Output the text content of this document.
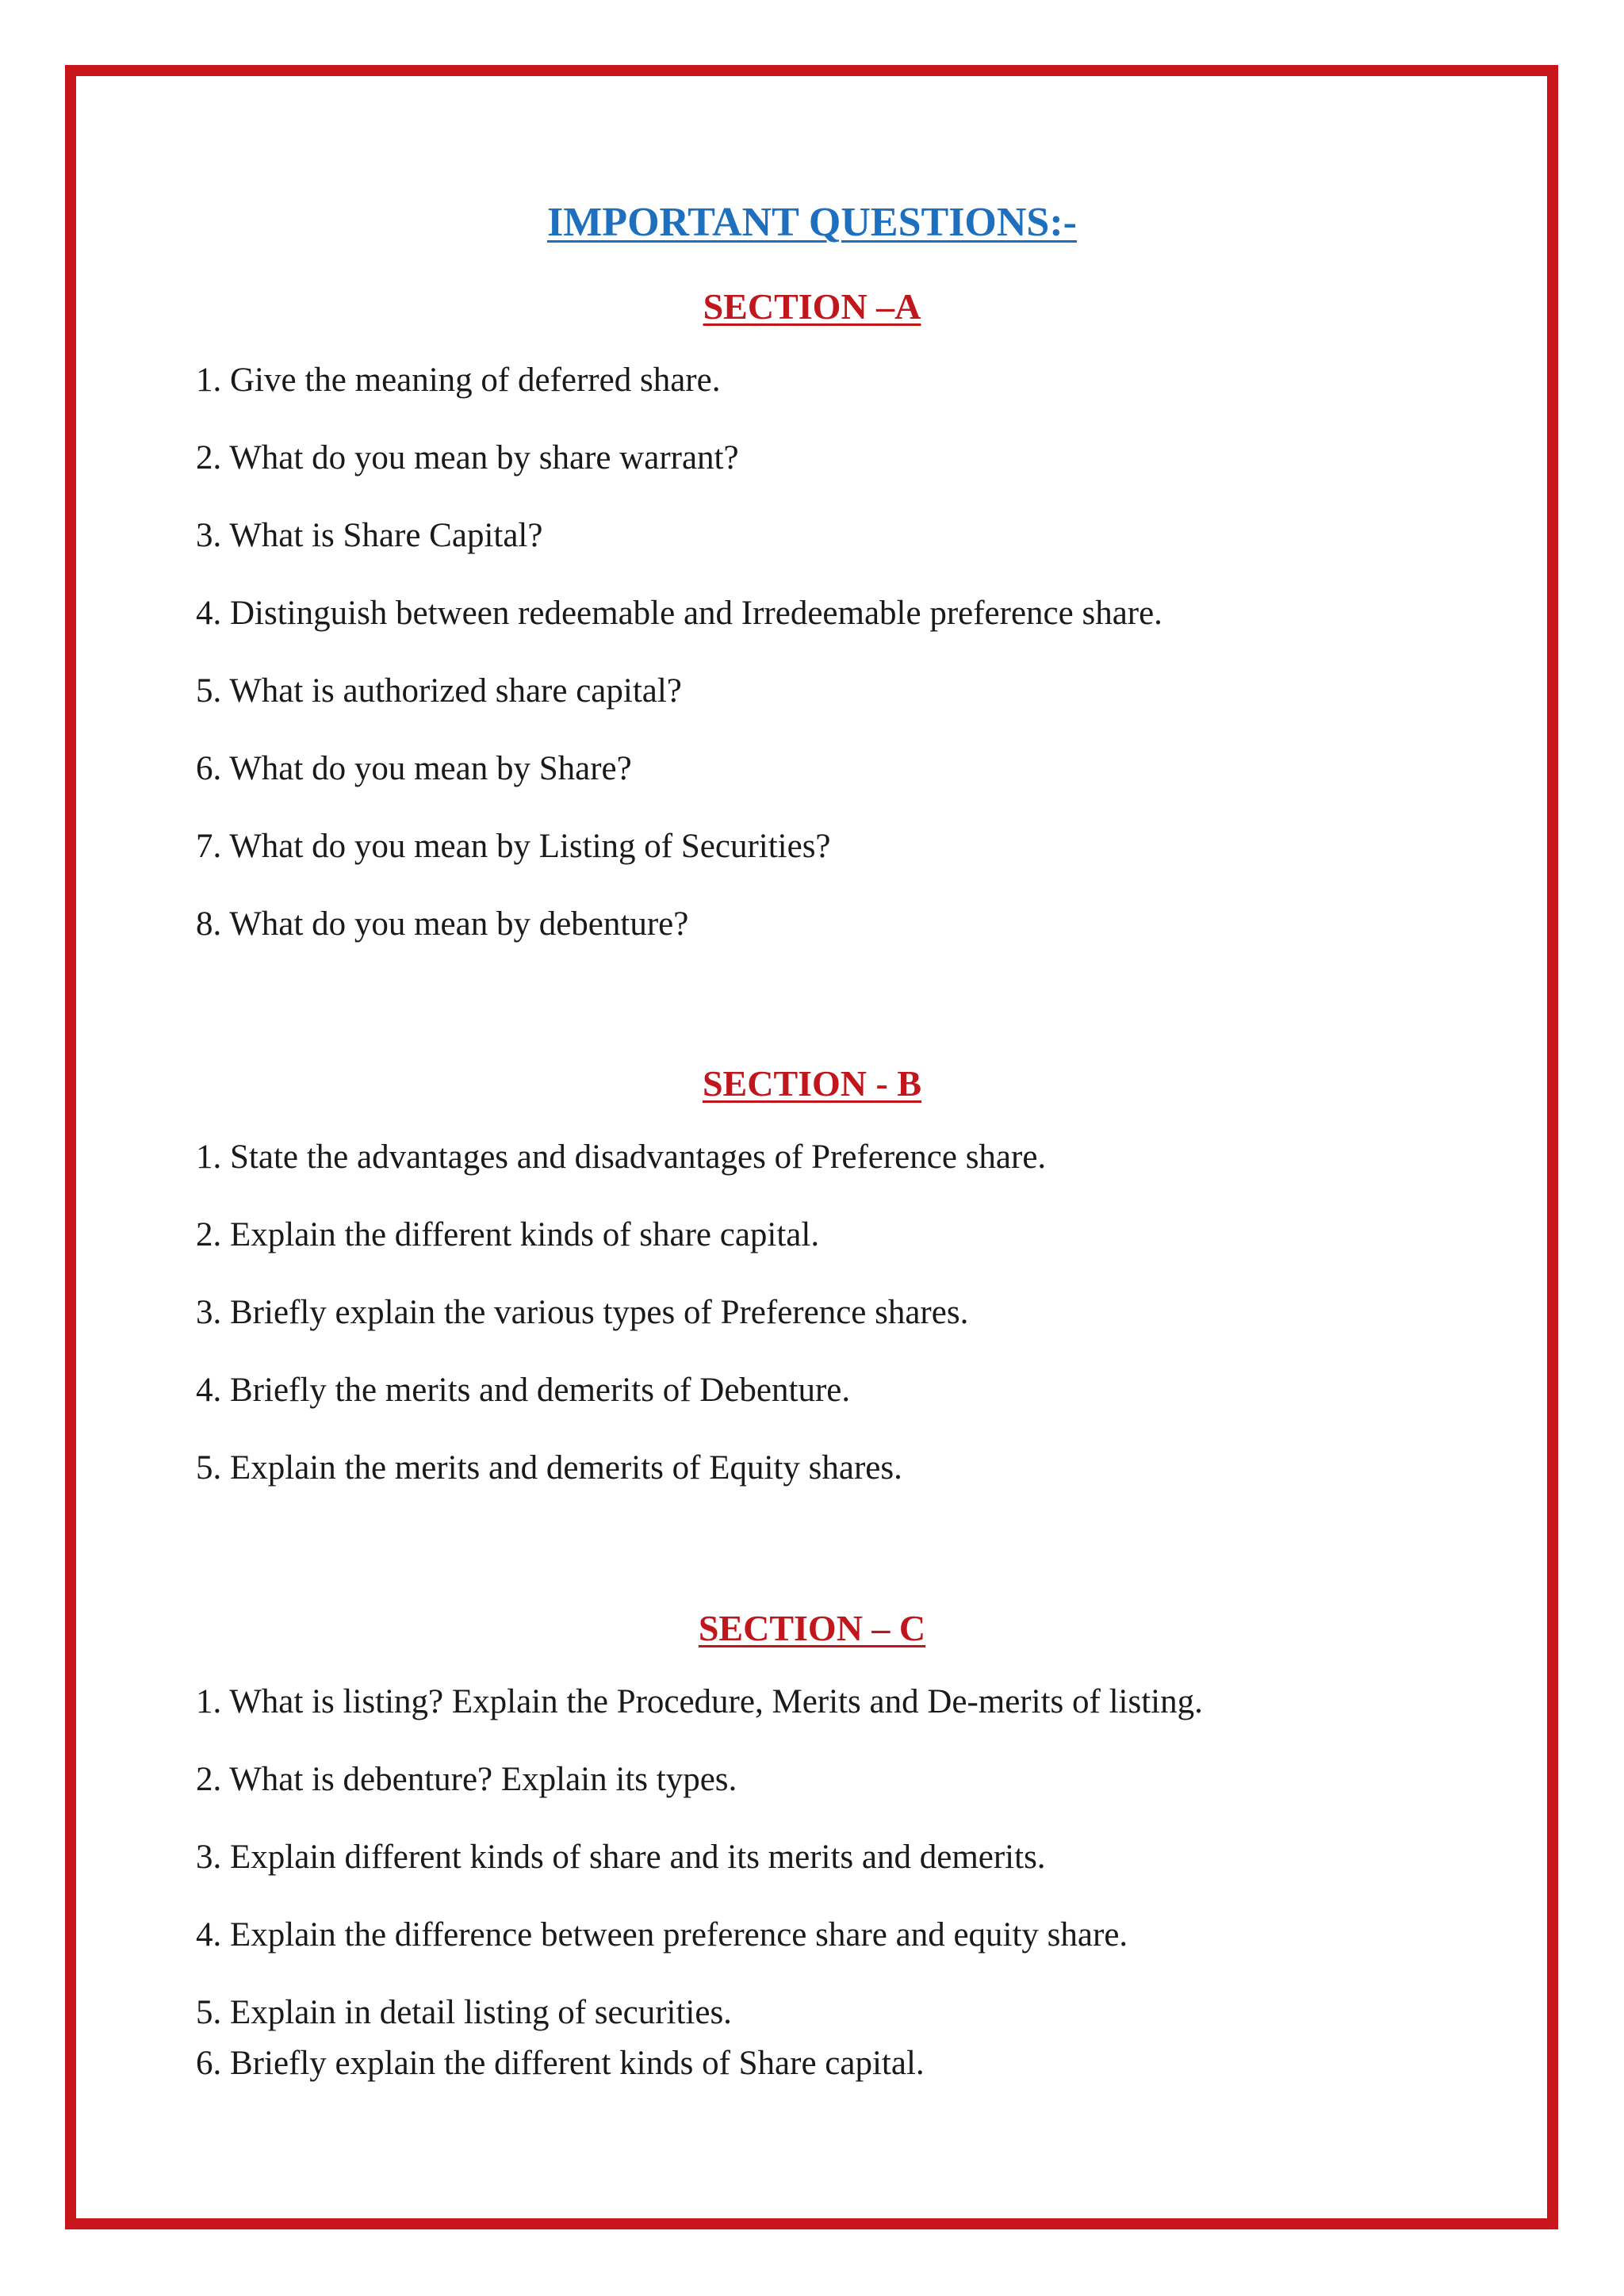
IMPORTANT QUESTIONS:-
SECTION –A
1. Give the meaning of deferred share.
2. What do you mean by share warrant?
3. What is Share Capital?
4. Distinguish between redeemable and Irredeemable preference share.
5. What is authorized share capital?
6. What do you mean by Share?
7. What do you mean by Listing of Securities?
8. What do you mean by debenture?
SECTION - B
1. State the advantages and disadvantages of Preference share.
2. Explain the different kinds of share capital.
3. Briefly explain the various types of Preference shares.
4. Briefly the merits and demerits of Debenture.
5. Explain the merits and demerits of Equity shares.
SECTION – C
1. What is listing? Explain the Procedure, Merits and De-merits of listing.
2. What is debenture? Explain its types.
3. Explain different kinds of share and its merits and demerits.
4. Explain the difference between preference share and equity share.
5. Explain in detail listing of securities.
6. Briefly explain the different kinds of Share capital.
